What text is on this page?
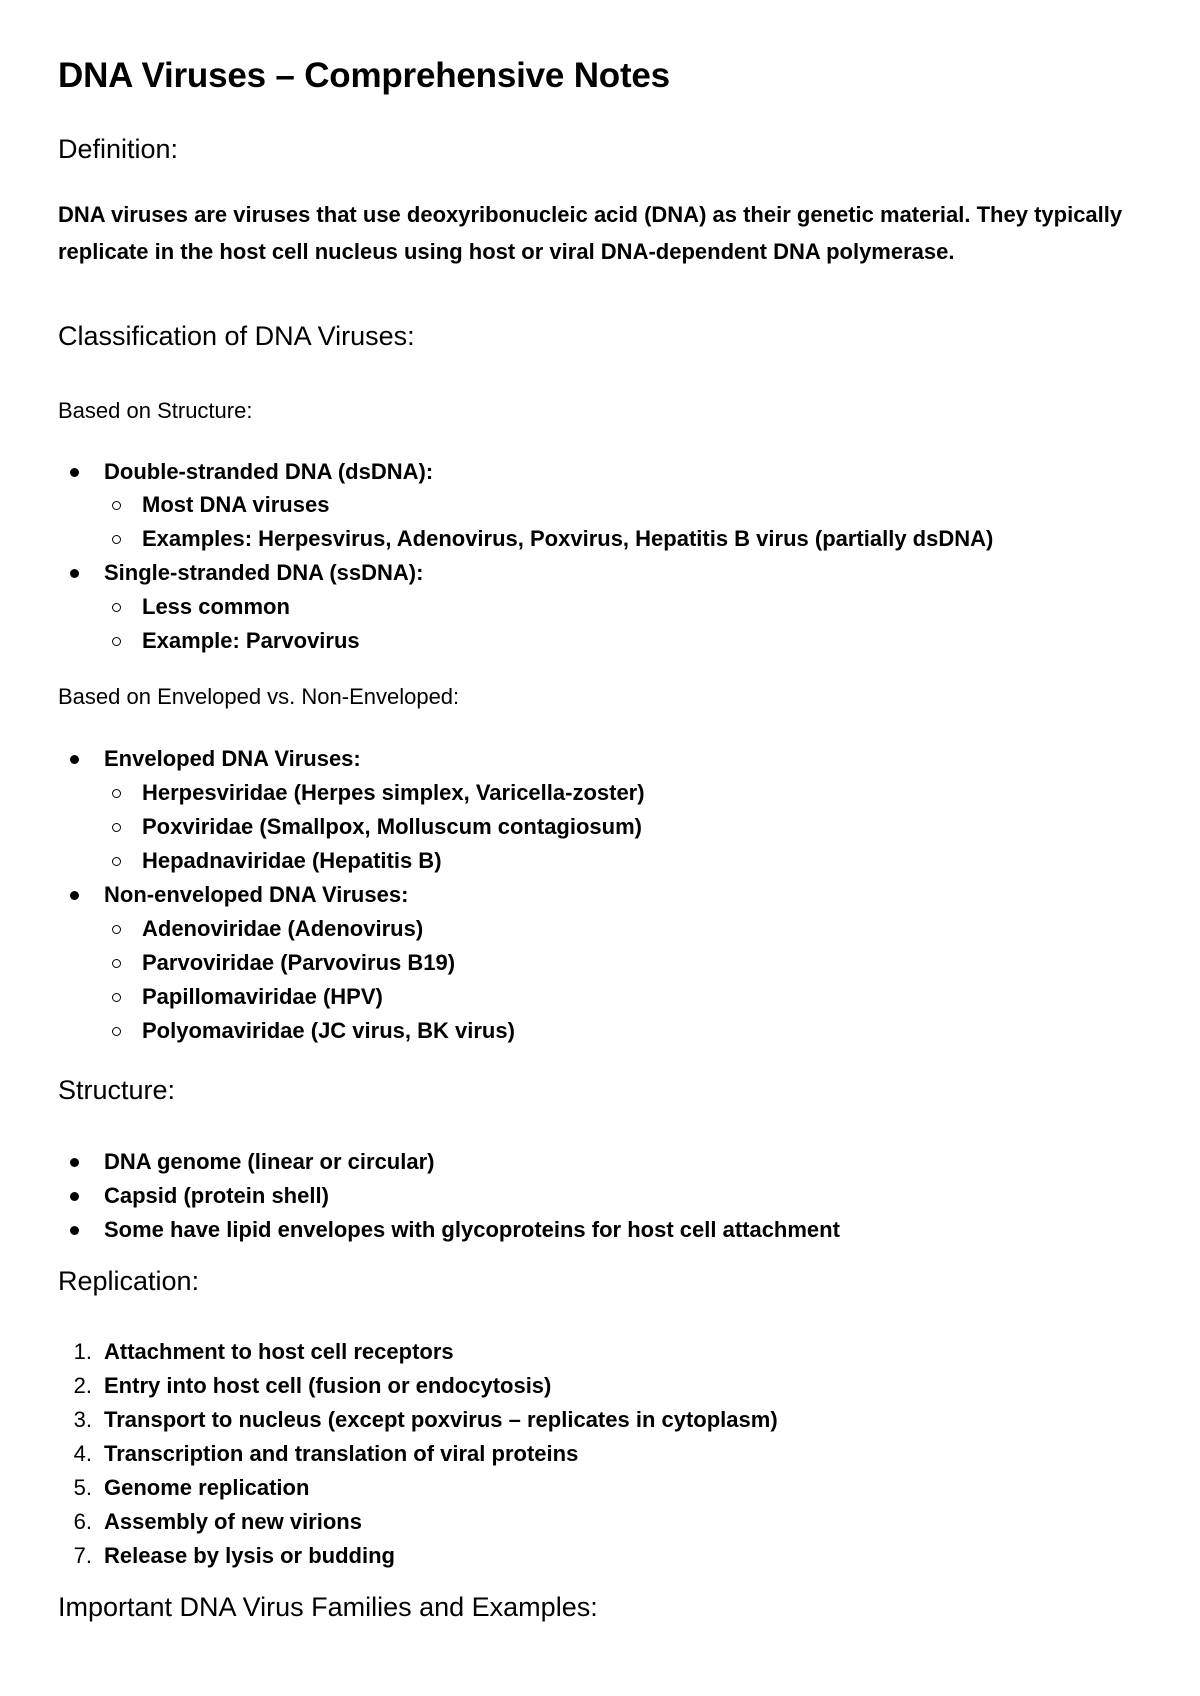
DNA Viruses – Comprehensive Notes
Definition:

DNA viruses are viruses that use deoxyribonucleic acid (DNA) as their genetic material. They typically replicate in the host cell nucleus using host or viral DNA-dependent DNA polymerase.

Classification of DNA Viruses:

Based on Structure:

Double-stranded DNA (dsDNA):
Most DNA viruses
Examples: Herpesvirus, Adenovirus, Poxvirus, Hepatitis B virus (partially dsDNA)
Single-stranded DNA (ssDNA):
Less common
Example: Parvovirus

Based on Enveloped vs. Non-Enveloped:

Enveloped DNA Viruses:
Herpesviridae (Herpes simplex, Varicella-zoster)
Poxviridae (Smallpox, Molluscum contagiosum)
Hepadnaviridae (Hepatitis B)
Non-enveloped DNA Viruses:
Adenoviridae (Adenovirus)
Parvoviridae (Parvovirus B19)
Papillomaviridae (HPV)
Polyomaviridae (JC virus, BK virus)
Structure:
DNA genome (linear or circular)
Capsid (protein shell)
Some have lipid envelopes with glycoproteins for host cell attachment
Replication:
1. Attachment to host cell receptors
2. Entry into host cell (fusion or endocytosis)
3. Transport to nucleus (except poxvirus – replicates in cytoplasm)
4. Transcription and translation of viral proteins
5. Genome replication
6. Assembly of new virions
7. Release by lysis or budding
Important DNA Virus Families and Examples:
